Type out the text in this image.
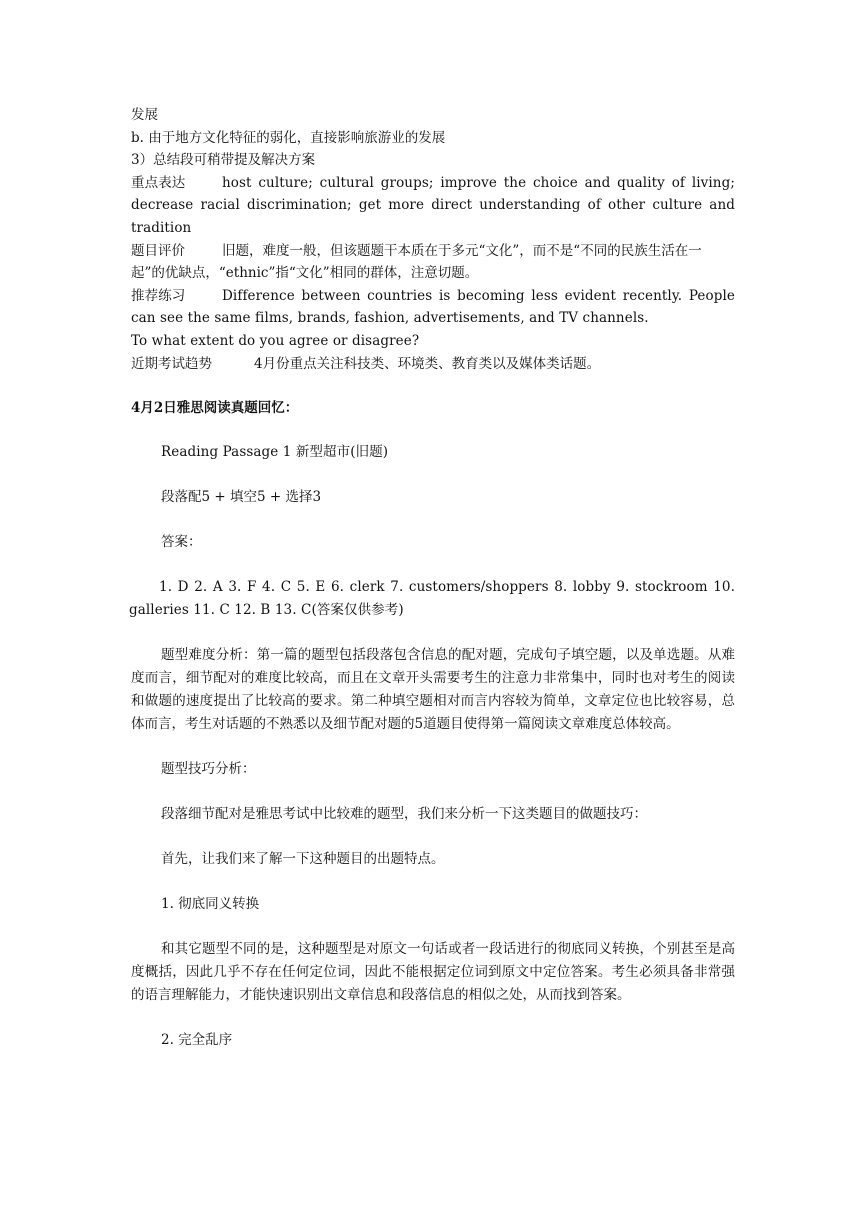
发展
b. 由于地方文化特征的弱化，直接影响旅游业的发展
3）总结段可稍带提及解决方案
重点表达	host culture; cultural groups; improve the choice and quality of living; decrease racial discrimination; get more direct understanding of other culture and tradition
题目评价	旧题，难度一般，但该题题干本质在于多元“文化”，而不是“不同的民族生活在一起”的优缺点，“ethnic”指“文化”相同的群体，注意切题。
推荐练习	Difference between countries is becoming less evident recently. People can see the same films, brands, fashion, advertisements, and TV channels.
To what extent do you agree or disagree?
近期考试趋势	4月份重点关注科技类、环境类、教育类以及媒体类话题。
4月2日雅思阅读真题回忆：

Reading Passage 1 新型超市(旧题)

段落配5 + 填空5 + 选择3

答案：

1. D 2. A 3. F 4. C 5. E 6. clerk 7. customers/shoppers 8. lobby 9. stockroom 10. galleries 11. C 12. B 13. C(答案仅供参考)

题型难度分析：第一篇的题型包括段落包含信息的配对题，完成句子填空题，以及单选题。从难度而言，细节配对的难度比较高，而且在文章开头需要考生的注意力非常集中，同时也对考生的阅读和做题的速度提出了比较高的要求。第二种填空题相对而言内容较为简单，文章定位也比较容易，总体而言，考生对话题的不熟悉以及细节配对题的5道题目使得第一篇阅读文章难度总体较高。

题型技巧分析：

段落细节配对是雅思考试中比较难的题型，我们来分析一下这类题目的做题技巧：

首先，让我们来了解一下这种题目的出题特点。

1. 彻底同义转换

和其它题型不同的是，这种题型是对原文一句话或者一段话进行的彻底同义转换，个别甚至是高度概括，因此几乎不存在任何定位词，因此不能根据定位词到原文中定位答案。考生必须具备非常强的语言理解能力，才能快速识别出文章信息和段落信息的相似之处，从而找到答案。

2. 完全乱序
